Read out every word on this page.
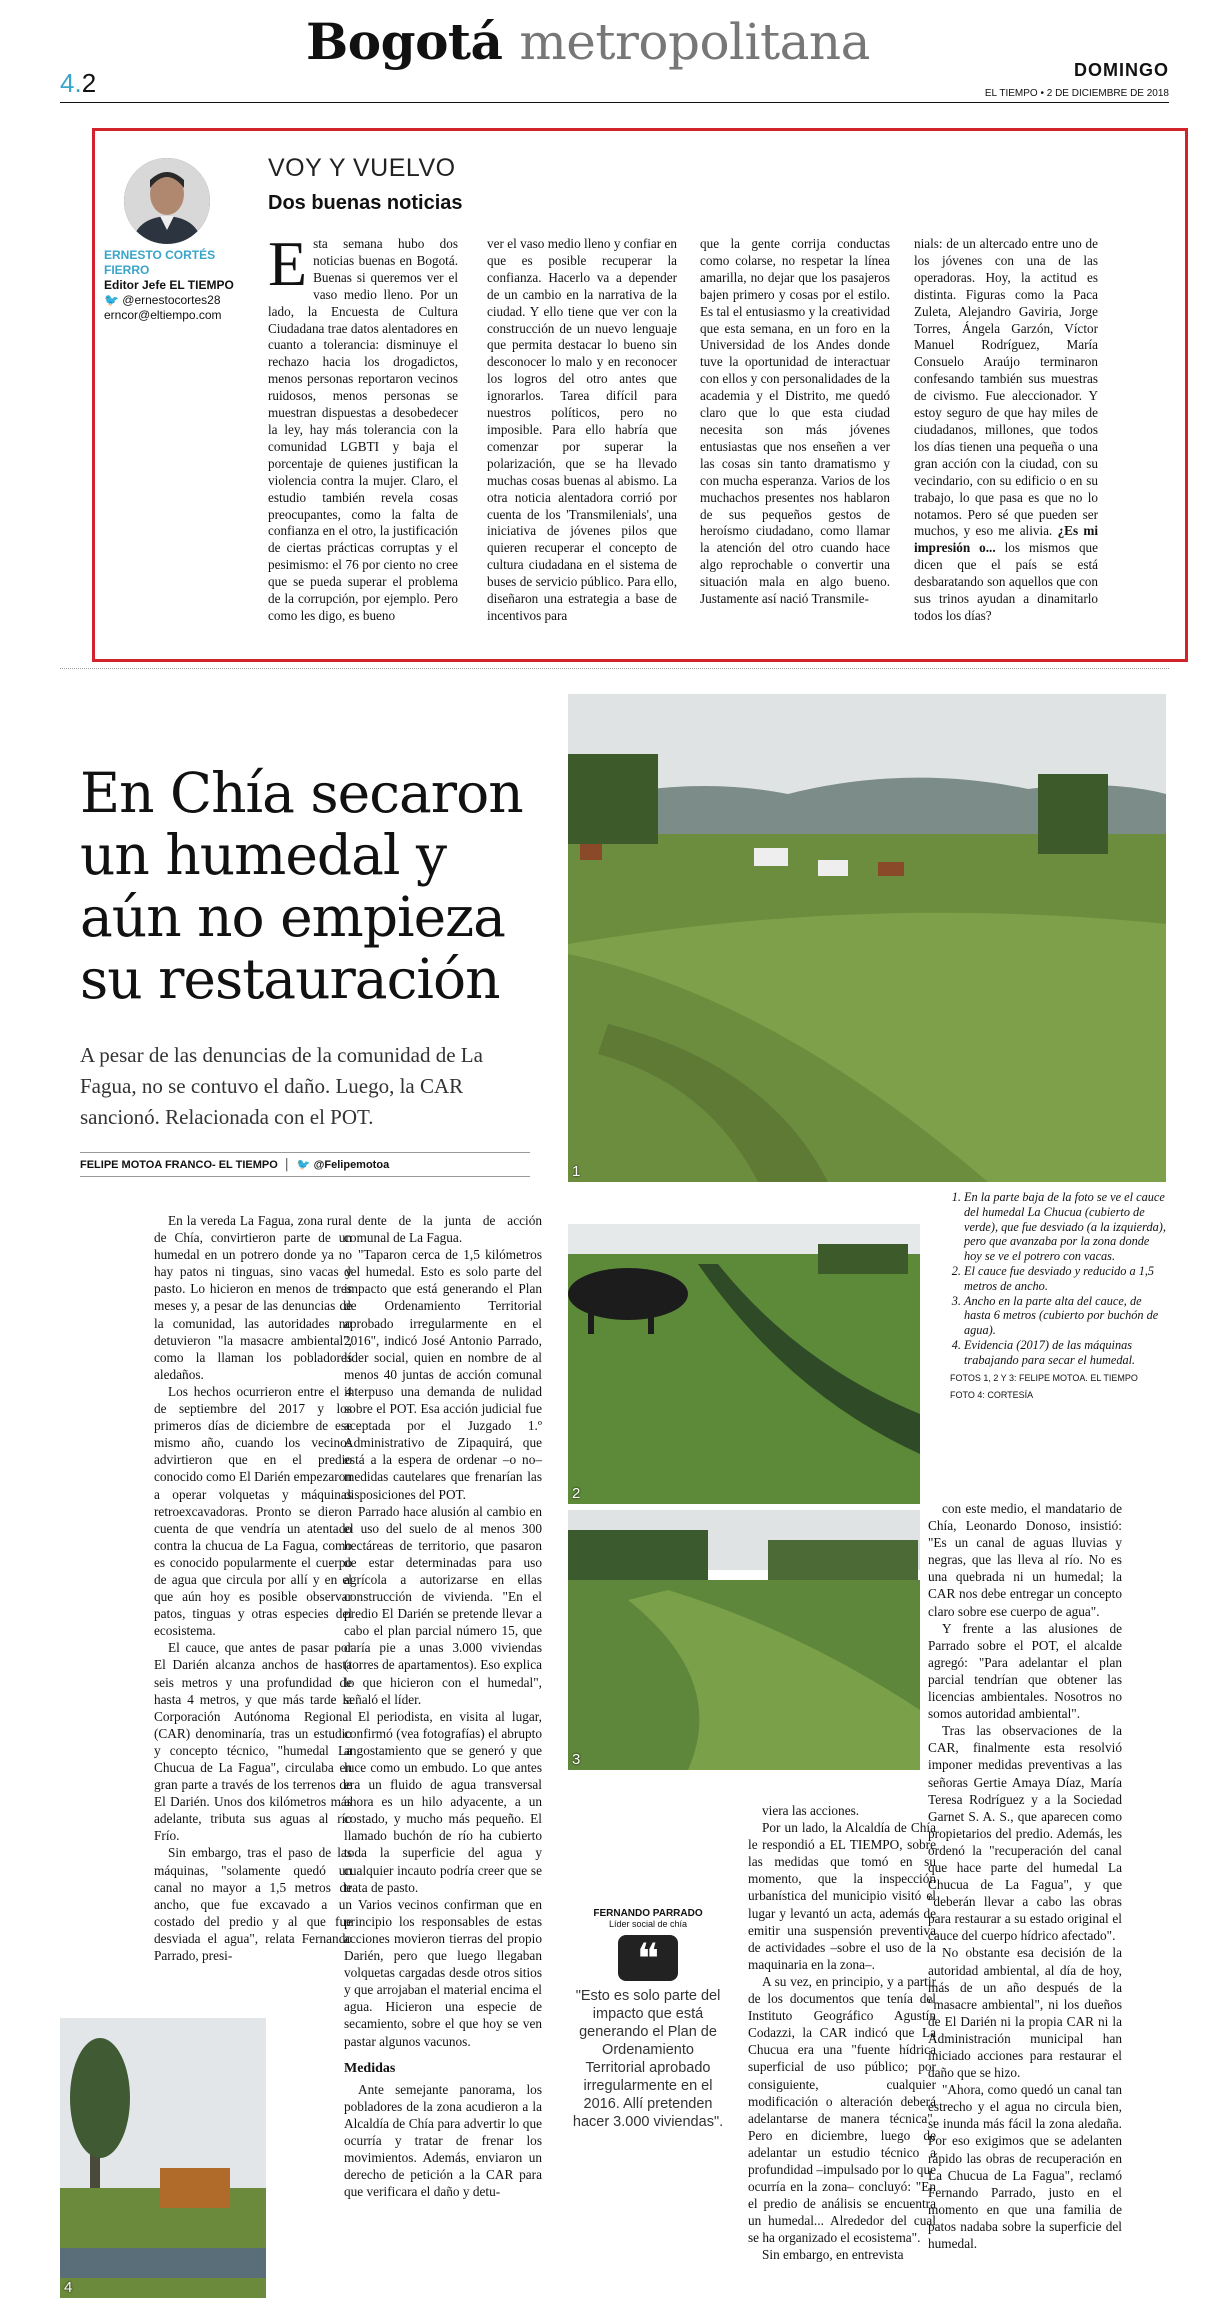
4.2
Bogotá metropolitana	DOMINGO
EL TIEMPO • 2 DE DICIEMBRE DE 2018
ERNESTO CORTÉS FIERRO
Editor Jefe EL TIEMPO
🐦 @ernestocortes28
erncor@eltiempo.com
VOY Y VUELVO
Dos buenas noticias
Esta semana hubo dos noticias buenas en Bogotá. Buenas si queremos ver el vaso medio lleno. Por un lado, la Encuesta de Cultura Ciudadana trae datos alentadores en cuanto a tolerancia: disminuye el rechazo hacia los drogadictos, menos personas reportaron vecinos ruidosos, menos personas se muestran dispuestas a desobedecer la ley, hay más tolerancia con la comunidad LGBTI y baja el porcentaje de quienes justifican la violencia contra la mujer. Claro, el estudio también revela cosas preocupantes, como la falta de confianza en el otro, la justificación de ciertas prácticas corruptas y el pesimismo: el 76 por ciento no cree que se pueda superar el problema de la corrupción, por ejemplo. Pero como les digo, es bueno
ver el vaso medio lleno y confiar en que es posible recuperar la confianza. Hacerlo va a depender de un cambio en la narrativa de la ciudad. Y ello tiene que ver con la construcción de un nuevo lenguaje que permita destacar lo bueno sin desconocer lo malo y en reconocer los logros del otro antes que ignorarlos. Tarea difícil para nuestros políticos, pero no imposible. Para ello habría que comenzar por superar la polarización, que se ha llevado muchas cosas buenas al abismo. La otra noticia alentadora corrió por cuenta de los 'Transmilenials', una iniciativa de jóvenes pilos que quieren recuperar el concepto de cultura ciudadana en el sistema de buses de servicio público. Para ello, diseñaron una estrategia a base de incentivos para
que la gente corrija conductas como colarse, no respetar la línea amarilla, no dejar que los pasajeros bajen primero y cosas por el estilo. Es tal el entusiasmo y la creatividad que esta semana, en un foro en la Universidad de los Andes donde tuve la oportunidad de interactuar con ellos y con personalidades de la academia y el Distrito, me quedó claro que lo que esta ciudad necesita son más jóvenes entusiastas que nos enseñen a ver las cosas sin tanto dramatismo y con mucha esperanza. Varios de los muchachos presentes nos hablaron de sus pequeños gestos de heroísmo ciudadano, como llamar la atención del otro cuando hace algo reprochable o convertir una situación mala en algo bueno. Justamente así nació Transmile-
nials: de un altercado entre uno de los jóvenes con una de las operadoras. Hoy, la actitud es distinta. Figuras como la Paca Zuleta, Alejandro Gaviria, Jorge Torres, Ángela Garzón, Víctor Manuel Rodríguez, María Consuelo Araújo terminaron confesando también sus muestras de civismo. Fue aleccionador. Y estoy seguro de que hay miles de ciudadanos, millones, que todos los días tienen una pequeña o una gran acción con la ciudad, con su vecindario, con su edificio o en su trabajo, lo que pasa es que no lo notamos. Pero sé que pueden ser muchos, y eso me alivia. ¿Es mi impresión o... los mismos que dicen que el país se está desbaratando son aquellos que con sus trinos ayudan a dinamitarlo todos los días?
En Chía secaron un humedal y aún no empieza su restauración
A pesar de las denuncias de la comunidad de La Fagua, no se contuvo el daño. Luego, la CAR sancionó. Relacionada con el POT.
FELIPE MOTOA FRANCO- EL TIEMPO  │  🐦 @Felipemotoa	1
1. En la parte baja de la foto se ve el cauce del humedal La Chucua (cubierto de verde), que fue desviado (a la izquierda), pero que avanzaba por la zona donde hoy se ve el potrero con vacas.
2. El cauce fue desviado y reducido a 1,5 metros de ancho.
3. Ancho en la parte alta del cauce, de hasta 6 metros (cubierto por buchón de agua).
4. Evidencia (2017) de las máquinas trabajando para secar el humedal.
FOTOS 1, 2 Y 3: FELIPE MOTOA. EL TIEMPO
FOTO 4: CORTESÍA
2
3
4

En la vereda La Fagua, zona rural de Chía, convirtieron parte de un humedal en un potrero donde ya no hay patos ni tinguas, sino vacas y pasto. Lo hicieron en menos de tres meses y, a pesar de las denuncias de la comunidad, las autoridades no detuvieron "la masacre ambiental", como la llaman los pobladores aledaños.

Los hechos ocurrieron entre el 4 de septiembre del 2017 y los primeros días de diciembre de ese mismo año, cuando los vecinos advirtieron que en el predio conocido como El Darién empezaron a operar volquetas y máquinas retroexcavadoras. Pronto se dieron cuenta de que vendría un atentado contra la chucua de La Fagua, como es conocido popularmente el cuerpo de agua que circula por allí y en el que aún hoy es posible observar patos, tinguas y otras especies del ecosistema.

El cauce, que antes de pasar por El Darién alcanza anchos de hasta seis metros y una profundidad de hasta 4 metros, y que más tarde la Corporación Autónoma Regional (CAR) denominaría, tras un estudio y concepto técnico, "humedal La Chucua de La Fagua", circulaba en gran parte a través de los terrenos de El Darién. Unos dos kilómetros más adelante, tributa sus aguas al río Frío.

Sin embargo, tras el paso de las máquinas, "solamente quedó un canal no mayor a 1,5 metros de ancho, que fue excavado a un costado del predio y al que fue desviada el agua", relata Fernando Parrado, presi-

dente de la junta de acción comunal de La Fagua.

"Taparon cerca de 1,5 kilómetros del humedal. Esto es solo parte del impacto que está generando el Plan de Ordenamiento Territorial aprobado irregularmente en el 2016", indicó José Antonio Parrado, líder social, quien en nombre de al menos 40 juntas de acción comunal interpuso una demanda de nulidad sobre el POT. Esa acción judicial fue aceptada por el Juzgado 1.º Administrativo de Zipaquirá, que está a la espera de ordenar –o no– medidas cautelares que frenarían las disposiciones del POT.

Parrado hace alusión al cambio en el uso del suelo de al menos 300 hectáreas de territorio, que pasaron de estar determinadas para uso agrícola a autorizarse en ellas construcción de vivienda. "En el predio El Darién se pretende llevar a cabo el plan parcial número 15, que daría pie a unas 3.000 viviendas (torres de apartamentos). Eso explica lo que hicieron con el humedal", señaló el líder.

El periodista, en visita al lugar, confirmó (vea fotografías) el abrupto angostamiento que se generó y que luce como un embudo. Lo que antes era un fluido de agua transversal ahora es un hilo adyacente, a un costado, y mucho más pequeño. El llamado buchón de río ha cubierto toda la superficie del agua y cualquier incauto podría creer que se trata de pasto.

Varios vecinos confirman que en principio los responsables de estas acciones movieron tierras del propio Darién, pero que luego llegaban volquetas cargadas desde otros sitios y que arrojaban el material encima el agua. Hicieron una especie de secamiento, sobre el que hoy se ven pastar algunos vacunos.

Medidas

Ante semejante panorama, los pobladores de la zona acudieron a la Alcaldía de Chía para advertir lo que ocurría y tratar de frenar los movimientos. Además, enviaron un derecho de petición a la CAR para que verificara el daño y detu-

viera las acciones.

Por un lado, la Alcaldía de Chía le respondió a EL TIEMPO, sobre las medidas que tomó en su momento, que la inspección urbanística del municipio visitó el lugar y levantó un acta, además de emitir una suspensión preventiva de actividades –sobre el uso de la maquinaria en la zona–.

A su vez, en principio, y a partir de los documentos que tenía del Instituto Geográfico Agustín Codazzi, la CAR indicó que La Chucua era una "fuente hídrica superficial de uso público; por consiguiente, cualquier modificación o alteración deberá adelantarse de manera técnica". Pero en diciembre, luego de adelantar un estudio técnico a profundidad –impulsado por lo que ocurría en la zona– concluyó: "En el predio de análisis se encuentra un humedal... Alrededor del cual se ha organizado el ecosistema".

Sin embargo, en entrevista

con este medio, el mandatario de Chía, Leonardo Donoso, insistió: "Es un canal de aguas lluvias y negras, que las lleva al río. No es una quebrada ni un humedal; la CAR nos debe entregar un concepto claro sobre ese cuerpo de agua".

Y frente a las alusiones de Parrado sobre el POT, el alcalde agregó: "Para adelantar el plan parcial tendrían que obtener las licencias ambientales. Nosotros no somos autoridad ambiental".

Tras las observaciones de la CAR, finalmente esta resolvió imponer medidas preventivas a las señoras Gertie Amaya Díaz, María Teresa Rodríguez y a la Sociedad Garnet S. A. S., que aparecen como propietarios del predio. Además, les ordenó la "recuperación del canal que hace parte del humedal La Chucua de La Fagua", y que "deberán llevar a cabo las obras para restaurar a su estado original el cauce del cuerpo hídrico afectado".

No obstante esa decisión de la autoridad ambiental, al día de hoy, más de un año después de la "masacre ambiental", ni los dueños de El Darién ni la propia CAR ni la Administración municipal han iniciado acciones para restaurar el daño que se hizo.

"Ahora, como quedó un canal tan estrecho y el agua no circula bien, se inunda más fácil la zona aledaña. Por eso exigimos que se adelanten rápido las obras de recuperación en La Chucua de La Fagua", reclamó Fernando Parrado, justo en el momento en que una familia de patos nadaba sobre la superficie del humedal.

FERNANDO PARRADO
Líder social de chía
❝
"Esto es solo parte del impacto que está generando el Plan de Ordenamiento Territorial aprobado irregularmente en el 2016. Allí pretenden hacer 3.000 viviendas".
